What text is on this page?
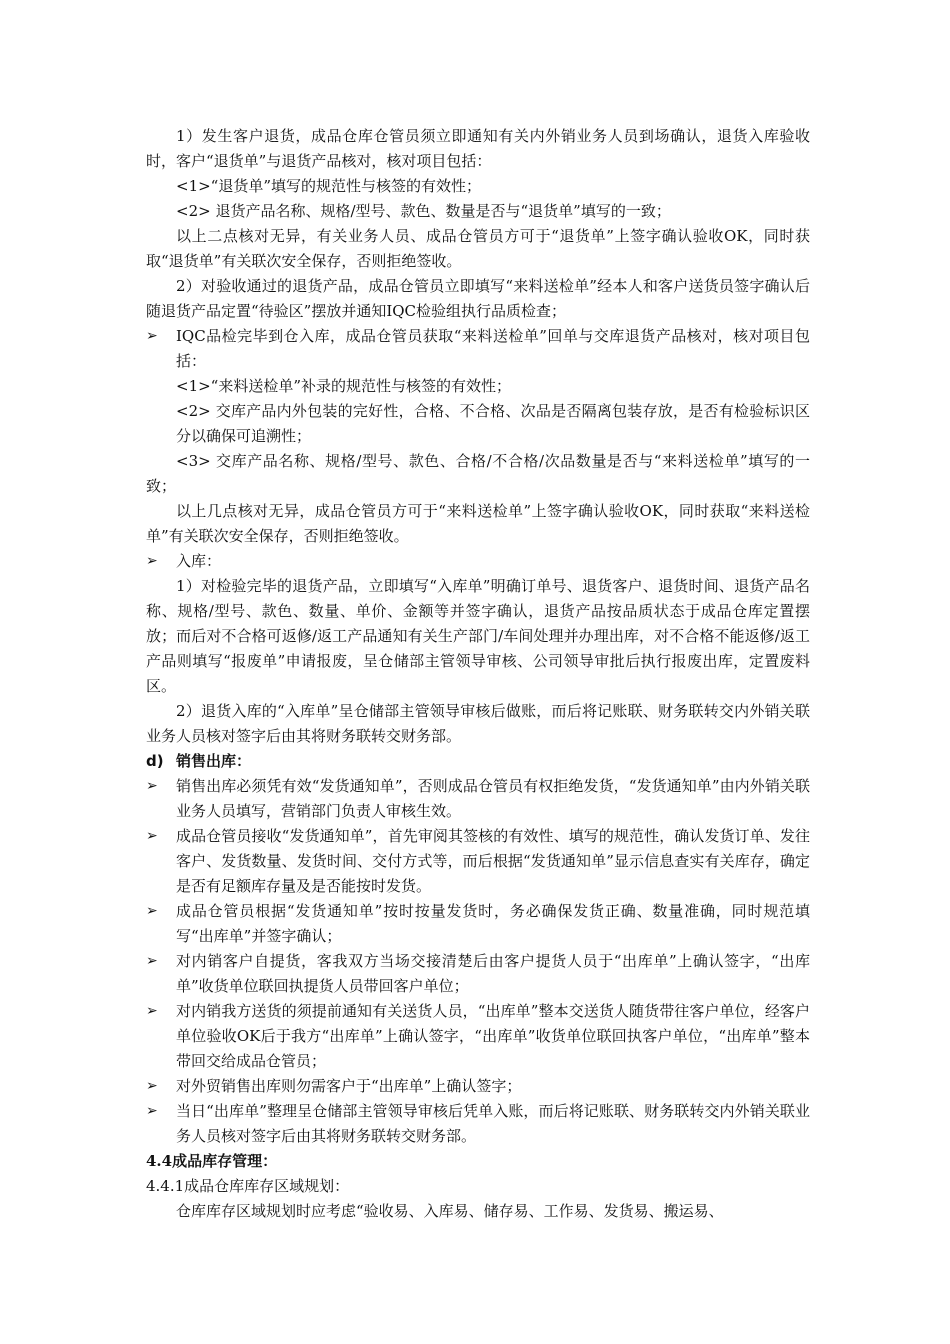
1）发生客户退货，成品仓库仓管员须立即通知有关内外销业务人员到场确认，退货入库验收时，客户“退货单”与退货产品核对，核对项目包括：

<1>“退货单”填写的规范性与核签的有效性；

<2> 退货产品名称、规格/型号、款色、数量是否与“退货单”填写的一致；

以上二点核对无异，有关业务人员、成品仓管员方可于“退货单”上签字确认验收OK，同时获取“退货单”有关联次安全保存，否则拒绝签收。

2）对验收通过的退货产品，成品仓管员立即填写“来料送检单”经本人和客户送货员签字确认后随退货产品定置“待验区”摆放并通知IQC检验组执行品质检查；

➢	IQC品检完毕到仓入库，成品仓管员获取“来料送检单”回单与交库退货产品核对，核对项目包括：

<1>“来料送检单”补录的规范性与核签的有效性；

<2> 交库产品内外包装的完好性，合格、不合格、次品是否隔离包装存放，是否有检验标识区分以确保可追溯性；

<3> 交库产品名称、规格/型号、款色、合格/不合格/次品数量是否与“来料送检单”填写的一致；

以上几点核对无异，成品仓管员方可于“来料送检单”上签字确认验收OK，同时获取“来料送检单”有关联次安全保存，否则拒绝签收。

➢	入库：

1）对检验完毕的退货产品，立即填写“入库单”明确订单号、退货客户、退货时间、退货产品名称、规格/型号、款色、数量、单价、金额等并签字确认，退货产品按品质状态于成品仓库定置摆放；而后对不合格可返修/返工产品通知有关生产部门/车间处理并办理出库，对不合格不能返修/返工产品则填写“报废单”申请报废，呈仓储部主管领导审核、公司领导审批后执行报废出库，定置废料区。

2）退货入库的“入库单”呈仓储部主管领导审核后做账，而后将记账联、财务联转交内外销关联业务人员核对签字后由其将财务联转交财务部。

d) 销售出库：

➢	销售出库必须凭有效“发货通知单”，否则成品仓管员有权拒绝发货，“发货通知单”由内外销关联业务人员填写，营销部门负责人审核生效。
➢	成品仓管员接收“发货通知单”，首先审阅其签核的有效性、填写的规范性，确认发货订单、发往客户、发货数量、发货时间、交付方式等，而后根据“发货通知单”显示信息查实有关库存，确定是否有足额库存量及是否能按时发货。
➢	成品仓管员根据“发货通知单”按时按量发货时，务必确保发货正确、数量准确，同时规范填写“出库单”并签字确认；
➢	对内销客户自提货，客我双方当场交接清楚后由客户提货人员于“出库单”上确认签字，“出库单”收货单位联回执提货人员带回客户单位；
➢	对内销我方送货的须提前通知有关送货人员，“出库单”整本交送货人随货带往客户单位，经客户单位验收OK后于我方“出库单”上确认签字，“出库单”收货单位联回执客户单位，“出库单”整本带回交给成品仓管员；
➢	对外贸销售出库则勿需客户于“出库单”上确认签字；
➢	当日“出库单”整理呈仓储部主管领导审核后凭单入账，而后将记账联、财务联转交内外销关联业务人员核对签字后由其将财务联转交财务部。

4.4成品库存管理：

4.4.1成品仓库库存区域规划：

仓库库存区域规划时应考虑“验收易、入库易、储存易、工作易、发货易、搬运易、
